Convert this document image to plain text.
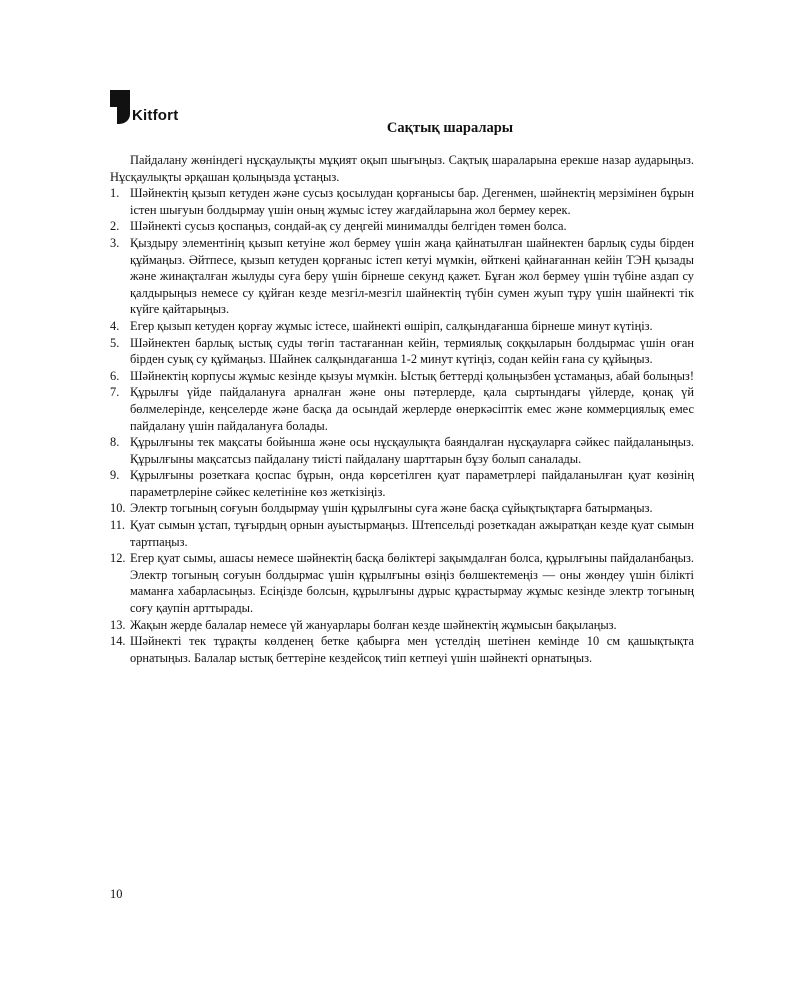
Kitfort
Сақтық шаралары

Пайдалану жөніндегі нұсқаулықты мұқият оқып шығыңыз. Сақтық шараларына ерекше назар аударыңыз. Нұсқаулықты әрқашан қолыңызда ұстаңыз.

1. Шәйнектің қызып кетуден және сусыз қосылудан қорғанысы бар. Дегенмен, шәйнектің мерзімінен бұрын істен шығуын болдырмау үшін оның жұмыс істеу жағдайларына жол бермеу керек.
2. Шәйнекті сусыз қоспаңыз, сондай-ақ су деңгейі минималды белгіден төмен болса.
3. Қыздыру элементінің қызып кетуіне жол бермеу үшін жаңа қайнатылған шайнектен барлық суды бірден құймаңыз. Әйтпесе, қызып кетуден қорғаныс істеп кетуі мүмкін, өйткені қайнағаннан кейін ТЭН қызады және жинақталған жылуды суға беру үшін бірнеше секунд қажет. Бұған жол бермеу үшін түбіне аздап су қалдырыңыз немесе су құйған кезде мезгіл-мезгіл шайнектің түбін сумен жуып тұру үшін шайнекті тік күйге қайтарыңыз.
4. Егер қызып кетуден қорғау жұмыс істесе, шайнекті өшіріп, салқындағанша бірнеше минут күтіңіз.
5. Шәйнектен барлық ыстық суды төгіп тастағаннан кейін, термиялық соққыларын болдырмас үшін оған бірден суық су құймаңыз. Шайнек салқындағанша 1-2 минут күтіңіз, содан кейін ғана су құйыңыз.
6. Шәйнектің корпусы жұмыс кезінде қызуы мүмкін. Ыстық беттерді қолыңызбен ұстамаңыз, абай болыңыз!
7. Құрылғы үйде пайдалануға арналған және оны пәтерлерде, қала сыртындағы үйлерде, қонақ үй бөлмелерінде, кеңселерде және басқа да осындай жерлерде өнеркәсіптік емес және коммерциялық емес пайдалану үшін пайдалануға болады.
8. Құрылғыны тек мақсаты бойынша және осы нұсқаулықта баяндалған нұсқауларға сәйкес пайдаланыңыз. Құрылғыны мақсатсыз пайдалану тиісті пайдалану шарттарын бұзу болып саналады.
9. Құрылғыны розеткаға қоспас бұрын, онда көрсетілген қуат параметрлері пайдаланылған қуат көзінің параметрлеріне сәйкес келетініне көз жеткізіңіз.
10. Электр тогының соғуын болдырмау үшін құрылғыны суға және басқа сұйықтықтарға батырмаңыз.
11. Қуат сымын ұстап, тұғырдың орнын ауыстырмаңыз. Штепсельді розеткадан ажыратқан кезде қуат сымын тартпаңыз.
12. Егер қуат сымы, ашасы немесе шәйнектің басқа бөліктері зақымдалған болса, құрылғыны пайдаланбаңыз. Электр тогының соғуын болдырмас үшін құрылғыны өзіңіз бөлшектемеңіз — оны жөндеу үшін білікті маманға хабарласыңыз. Есіңізде болсын, құрылғыны дұрыс құрастырмау жұмыс кезінде электр тогының соғу қаупін арттырады.
13. Жақын жерде балалар немесе үй жануарлары болған кезде шәйнектің жұмысын бақылаңыз.
14. Шәйнекті тек тұрақты көлденең бетке қабырға мен үстелдің шетінен кемінде 10 см қашықтықта орнатыңыз. Балалар ыстық беттеріне кездейсоқ тиіп кетпеуі үшін шәйнекті орнатыңыз.
10
